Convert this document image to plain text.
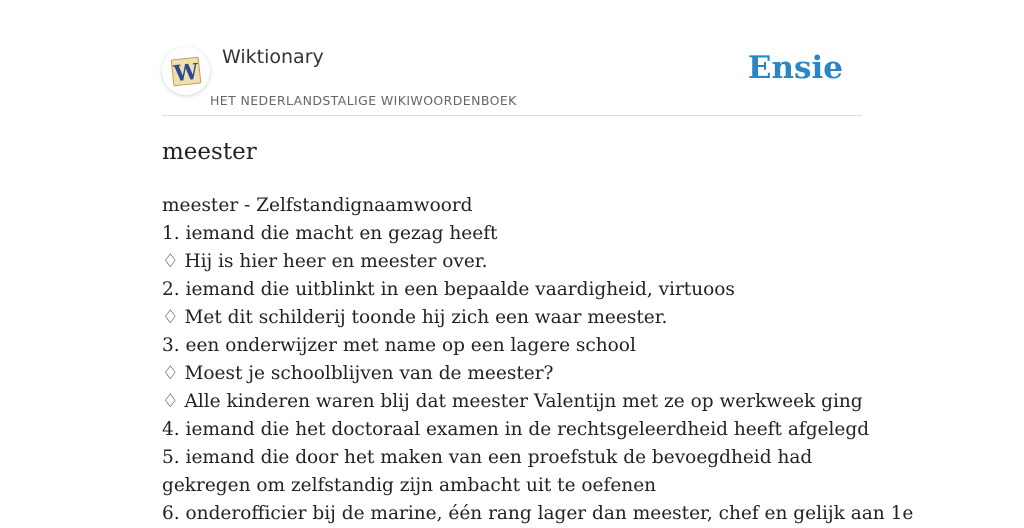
W
Wiktionary
HET NEDERLANDSTALIGE WIKIWOORDENBOEK
Ensie
meester
meester - Zelfstandignaamwoord
1. iemand die macht en gezag heeft
♢ Hij is hier heer en meester over.
2. iemand die uitblinkt in een bepaalde vaardigheid, virtuoos
♢ Met dit schilderij toonde hij zich een waar meester.
3. een onderwijzer met name op een lagere school
♢ Moest je schoolblijven van de meester?
♢ Alle kinderen waren blij dat meester Valentijn met ze op werkweek ging
4. iemand die het doctoraal examen in de rechtsgeleerdheid heeft afgelegd
5. iemand die door het maken van een proefstuk de bevoegdheid had gekregen om zelfstandig zijn ambacht uit te oefenen
6. onderofficier bij de marine, één rang lager dan meester, chef en gelijk aan 1e
